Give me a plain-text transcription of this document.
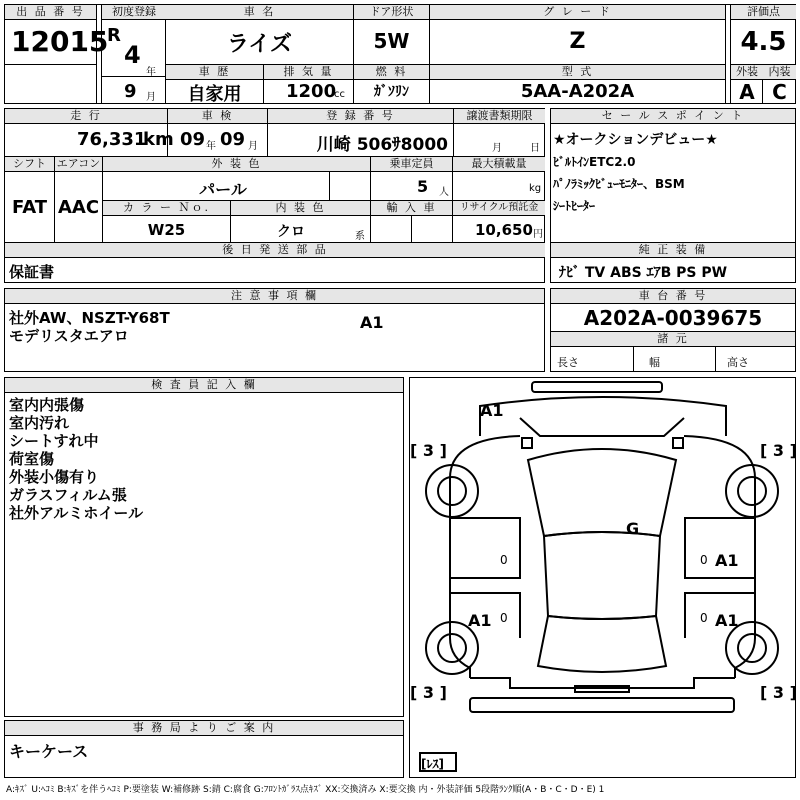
出 品 番 号
12015
初度登録
R
4
年
9 月
車 名
ライズ
ドア形状
5W
グ レ ー ド
Z
評価点
4.5
車 歴
自家用
排 気 量
1200
cc
燃 料
ｶﾞｿﾘﾝ
型 式
5AA-A202A
外装
A
内装
C
走 行
76,331
km
車 検
09 年 09 月
登 録 番 号
川崎 506ｻ8000
譲渡書類期限
月	日
シフト
FAT
エアコン
AAC
外 装 色
パール
乗車定員
5 人
最大積載量
kg
カ ラ ー Ｎｏ.
W25
内 装 色
クロ	系
輸 入 車	リサイクル預託金
10,650 円
後 日 発 送 部 品
保証書
セ ー ル ス ポ イ ン ト
★オークションデビュー★
ﾋﾞﾙﾄｲﾝETC2.0
ﾊﾟﾉﾗﾐｯｸﾋﾞｭｰﾓﾆﾀｰ、BSM
ｼｰﾄﾋｰﾀｰ
純 正 装 備
ﾅﾋﾞ TV ABS ｴｱB PS PW
注 意 事 項 欄
社外AW、NSZT-Y68T
モデリスタエアロ
車 台 番 号
A202A-0039675
諸 元
長さ	幅	高さ
検 査 員 記 入 欄
室内内張傷
室内汚れ
シートすれ中
荷室傷
外装小傷有り
ガラスフィルム張
社外アルミホイール
事 務 局 よ り ご 案 内
キーケース
A1
G
A1
A1	A1
A1
[ 3 ]	[ 3 ]
[ 3 ]	[ 3 ]
[ﾚｽ]
0	0
0	0
A:ｷｽﾞ U:ﾍｺﾐ B:ｷｽﾞを伴うﾍｺﾐ P:要塗装 W:補修跡 S:錆 C:腐食 G:ﾌﾛﾝﾄｶﾞﾗｽ点ｷｽﾞ XX:交換済み X:要交換 内・外装評価 5段階ﾗﾝｸ順(A・B・C・D・E) 1
